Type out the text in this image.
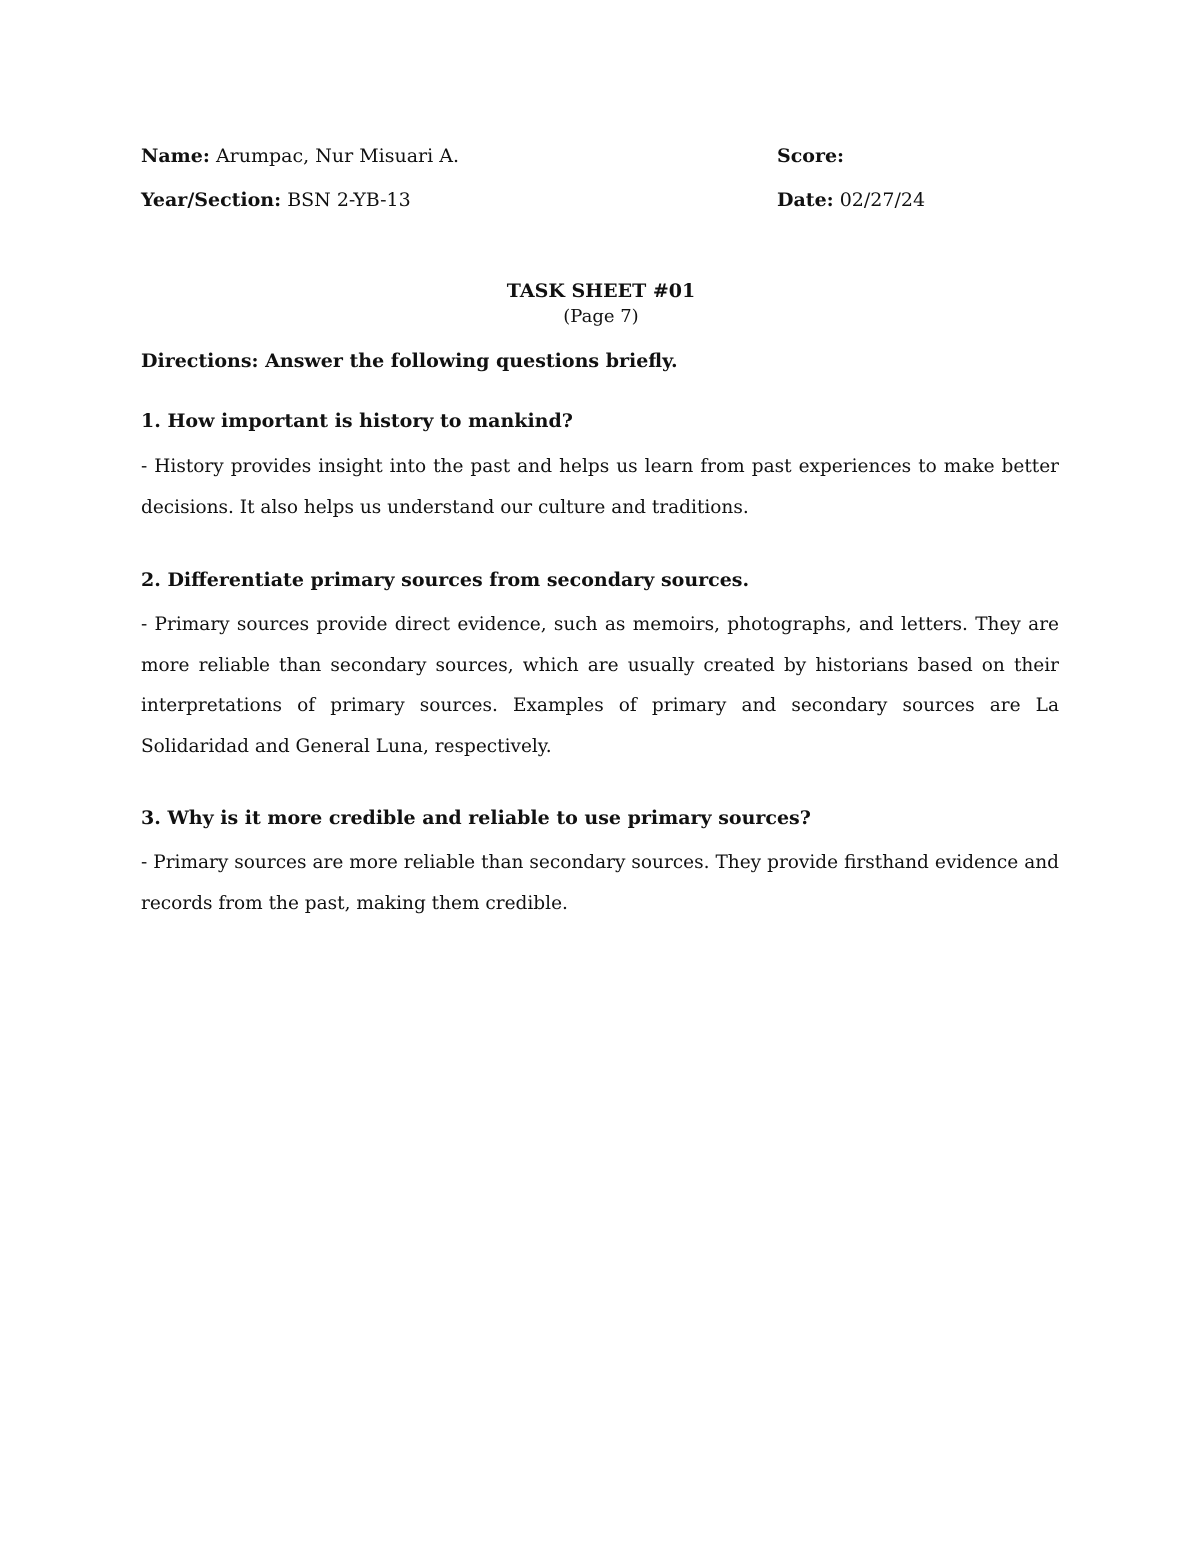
Name: Arumpac, Nur Misuari A.	Score:
Year/Section: BSN 2-YB-13	Date: 02/27/24
TASK SHEET #01
(Page 7)
Directions: Answer the following questions briefly.
1. How important is history to mankind?
- History provides insight into the past and helps us learn from past experiences to make better decisions. It also helps us understand our culture and traditions.
2. Differentiate primary sources from secondary sources.
- Primary sources provide direct evidence, such as memoirs, photographs, and letters. They are more reliable than secondary sources, which are usually created by historians based on their interpretations of primary sources. Examples of primary and secondary sources are La Solidaridad and General Luna, respectively.
3. Why is it more credible and reliable to use primary sources?
- Primary sources are more reliable than secondary sources. They provide firsthand evidence and records from the past, making them credible.
